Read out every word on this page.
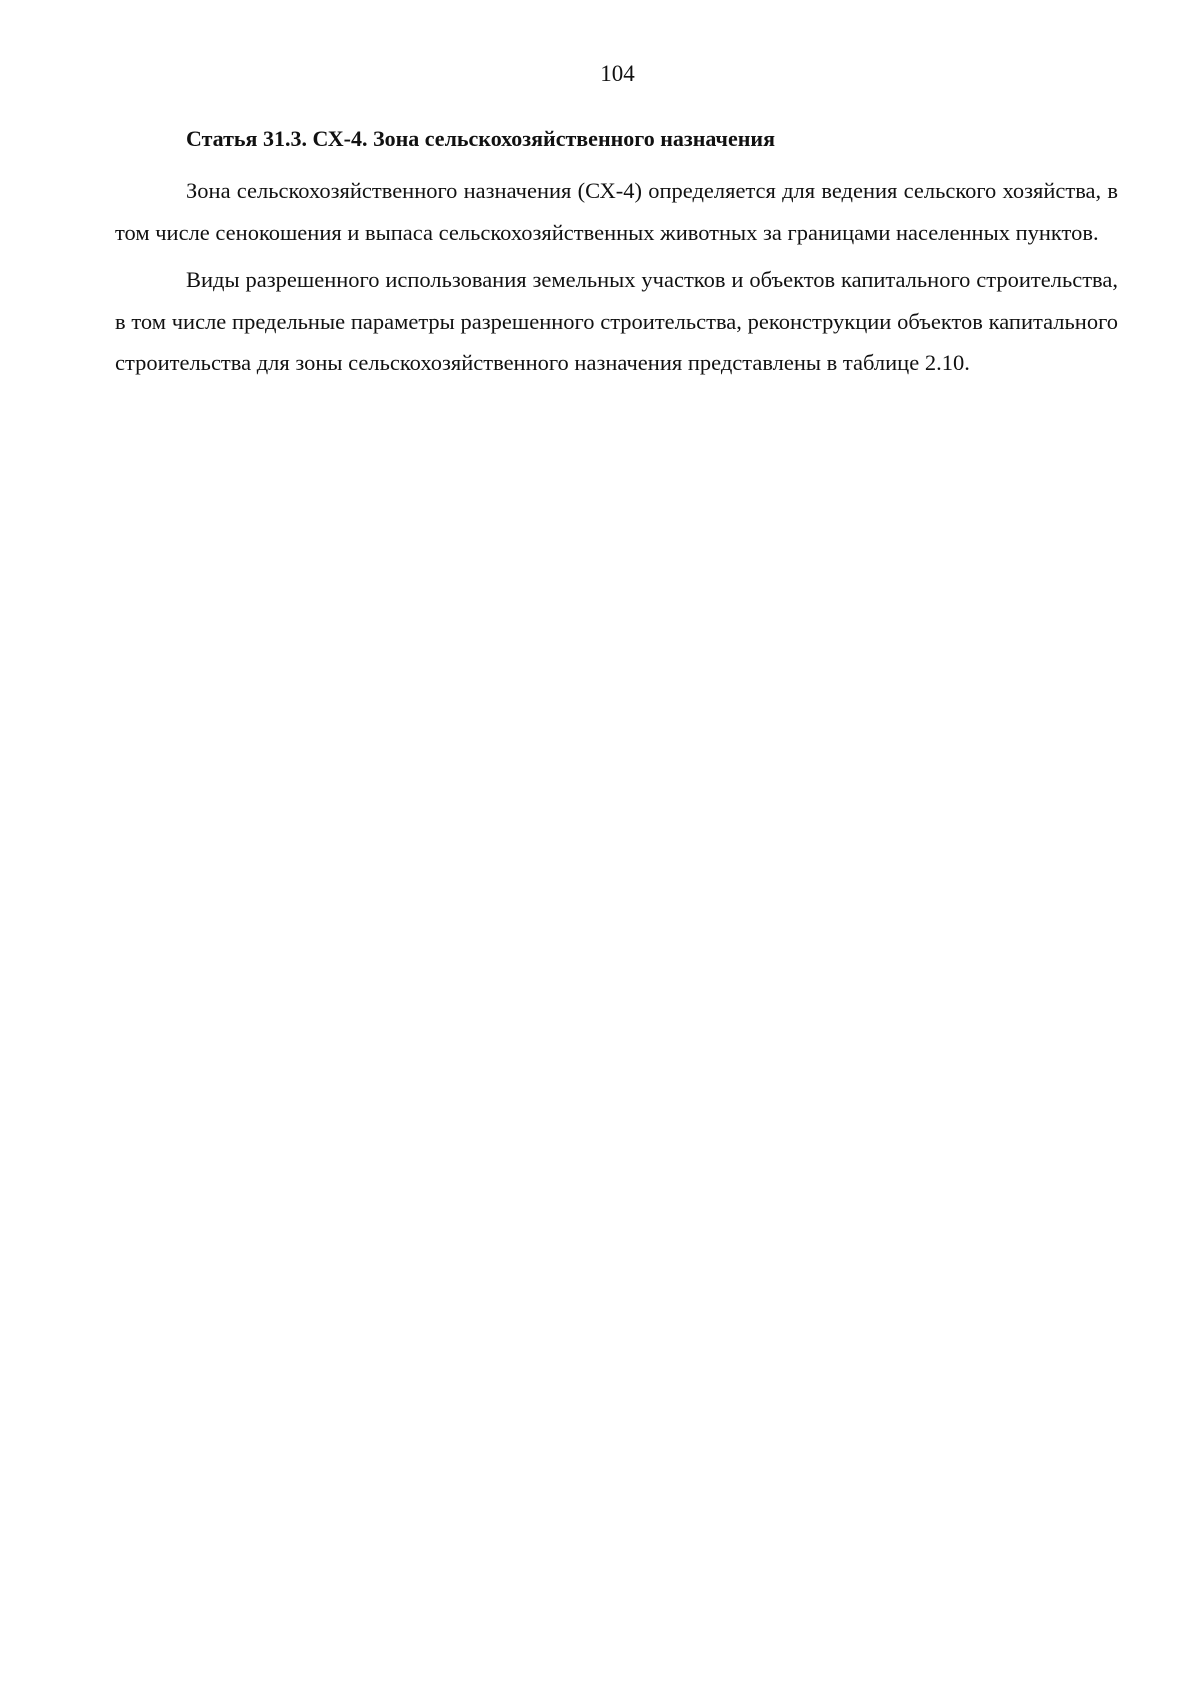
104
Статья 31.3. СХ-4. Зона сельскохозяйственного назначения

Зона сельскохозяйственного назначения (СХ-4) определяется для ведения сельского хозяйства, в том числе сенокошения и выпаса сельскохозяйственных животных за границами населенных пунктов.

Виды разрешенного использования земельных участков и объектов капитального строительства, в том числе предельные параметры разрешенного строительства, реконструкции объектов капитального строительства для зоны сельскохозяйственного назначения представлены в таблице 2.10.
